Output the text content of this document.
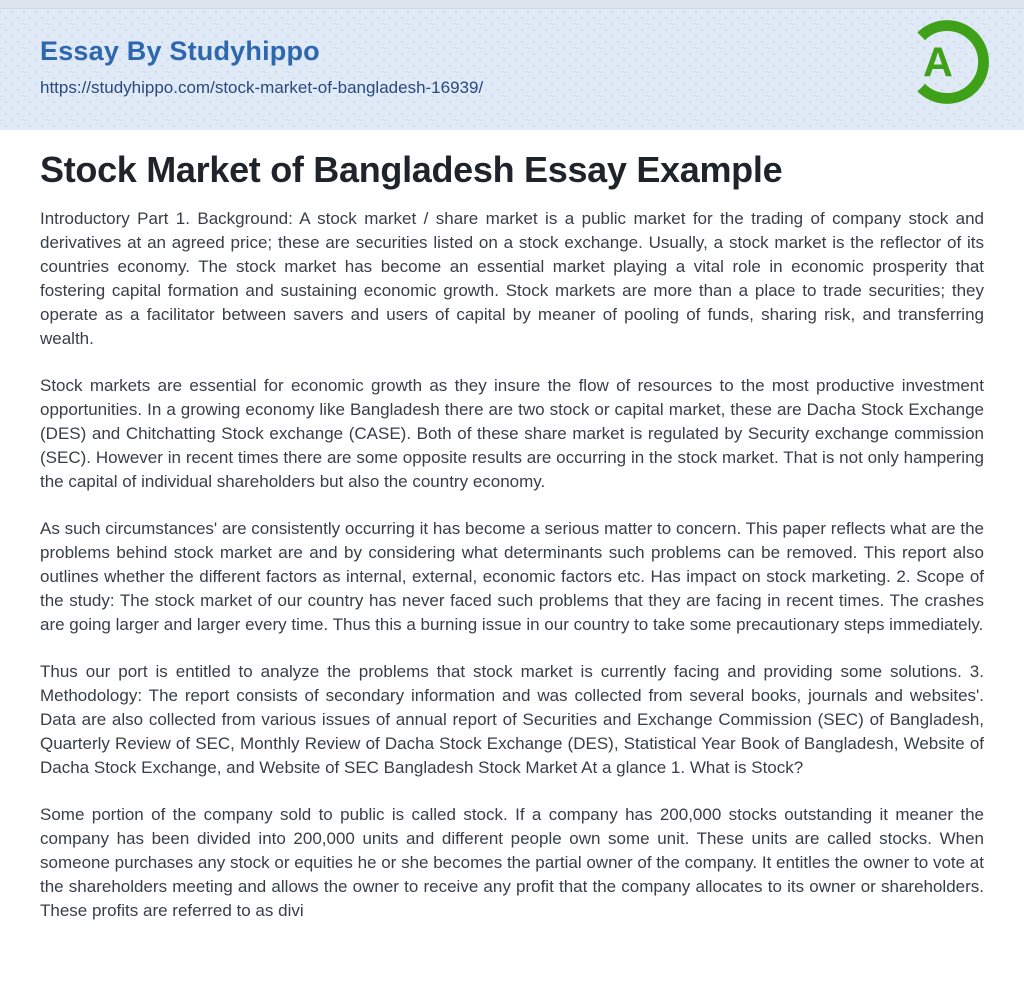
Essay By Studyhippo
https://studyhippo.com/stock-market-of-bangladesh-16939/
A
Stock Market of Bangladesh Essay Example

Introductory Part 1. Background: A stock market / share market is a public market for the trading of company stock and derivatives at an agreed price; these are securities listed on a stock exchange. Usually, a stock market is the reflector of its countries economy. The stock market has become an essential market playing a vital role in economic prosperity that fostering capital formation and sustaining economic growth. Stock markets are more than a place to trade securities; they operate as a facilitator between savers and users of capital by meaner of pooling of funds, sharing risk, and transferring wealth.

Stock markets are essential for economic growth as they insure the flow of resources to the most productive investment opportunities. In a growing economy like Bangladesh there are two stock or capital market, these are Dacha Stock Exchange (DES) and Chitchatting Stock exchange (CASE). Both of these share market is regulated by Security exchange commission (SEC). However in recent times there are some opposite results are occurring in the stock market. That is not only hampering the capital of individual shareholders but also the country economy.

As such circumstances' are consistently occurring it has become a serious matter to concern. This paper reflects what are the problems behind stock market are and by considering what determinants such problems can be removed. This report also outlines whether the different factors as internal, external, economic factors etc. Has impact on stock marketing. 2. Scope of the study: The stock market of our country has never faced such problems that they are facing in recent times. The crashes are going larger and larger every time. Thus this a burning issue in our country to take some precautionary steps immediately.

Thus our port is entitled to analyze the problems that stock market is currently facing and providing some solutions. 3. Methodology: The report consists of secondary information and was collected from several books, journals and websites'. Data are also collected from various issues of annual report of Securities and Exchange Commission (SEC) of Bangladesh, Quarterly Review of SEC, Monthly Review of Dacha Stock Exchange (DES), Statistical Year Book of Bangladesh, Website of Dacha Stock Exchange, and Website of SEC Bangladesh Stock Market At a glance 1. What is Stock?

Some portion of the company sold to public is called stock. If a company has 200,000 stocks outstanding it meaner the company has been divided into 200,000 units and different people own some unit. These units are called stocks. When someone purchases any stock or equities he or she becomes the partial owner of the company. It entitles the owner to vote at the shareholders meeting and allows the owner to receive any profit that the company allocates to its owner or shareholders. These profits are referred to as divi
